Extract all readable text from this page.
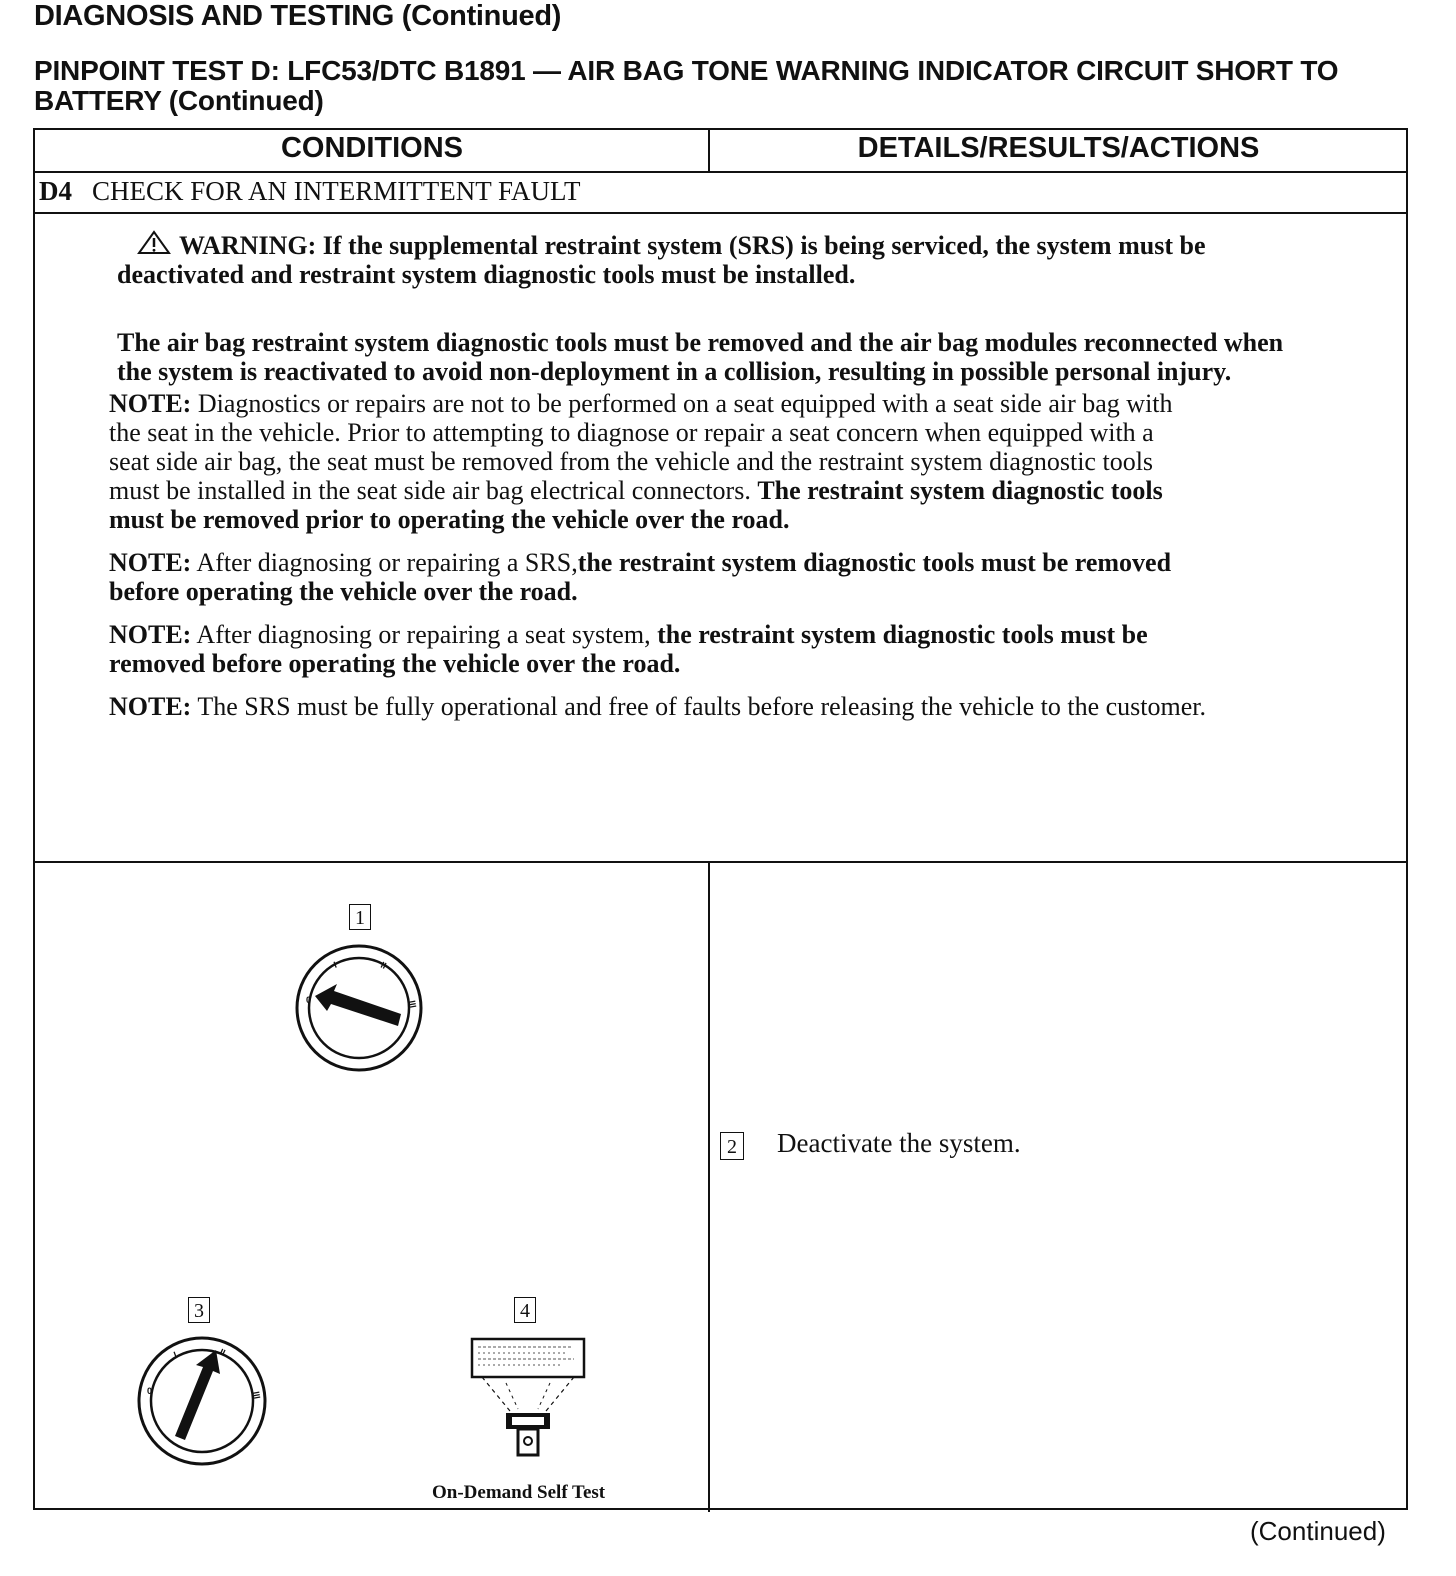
DIAGNOSIS AND TESTING (Continued)
PINPOINT TEST D: LFC53/DTC B1891 — AIR BAG TONE WARNING INDICATOR CIRCUIT SHORT TO BATTERY (Continued)
CONDITIONS	DETAILS/RESULTS/ACTIONS
D4 CHECK FOR AN INTERMITTENT FAULT

WARNING: If the supplemental restraint system (SRS) is being serviced, the system must be deactivated and restraint system diagnostic tools must be installed.

The air bag restraint system diagnostic tools must be removed and the air bag modules reconnected when the system is reactivated to avoid non-deployment in a collision, resulting in possible personal injury.

NOTE: Diagnostics or repairs are not to be performed on a seat equipped with a seat side air bag with the seat in the vehicle. Prior to attempting to diagnose or repair a seat concern when equipped with a seat side air bag, the seat must be removed from the vehicle and the restraint system diagnostic tools must be installed in the seat side air bag electrical connectors. The restraint system diagnostic tools must be removed prior to operating the vehicle over the road.

NOTE: After diagnosing or repairing a SRS,the restraint system diagnostic tools must be removed before operating the vehicle over the road.

NOTE: After diagnosing or repairing a seat system, the restraint system diagnostic tools must be removed before operating the vehicle over the road.

NOTE: The SRS must be fully operational and free of faults before releasing the vehicle to the customer.

1
0
I	II
III
3
0
I	II
III
4
On-Demand Self Test
2 Deactivate the system.
(Continued)
